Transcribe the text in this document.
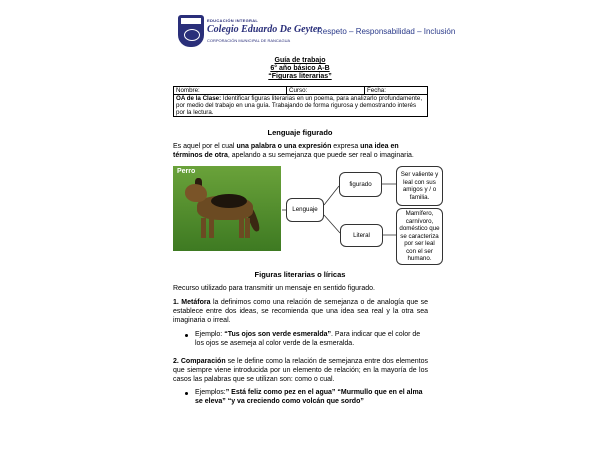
EDUCACIÓN INTEGRAL
Colegio Eduardo De Geyter
CORPORACIÓN MUNICIPAL DE RANCAGUA
Respeto – Responsabilidad – Inclusión
Guía de trabajo
6° año básico A-B
“Figuras literarias”
Nombre:	Curso:	Fecha:
OA de la Clase: Identificar figuras literarias en un poema, para analizarlo profundamente, por medio del trabajo en una guía. Trabajando de forma rigurosa y demostrando interés por la lectura.
Lenguaje figurado
Es aquel por el cual una palabra o una expresión expresa una idea en términos de otra, apelando a su semejanza que puede ser real o imaginaria.
Perro
Lenguaje
figurado
Literal
Ser valiente y leal con sus amigos y / o familia.
Mamífero, carnívoro, doméstico que se caracteriza por ser leal con el ser humano.
Figuras literarias o líricas
Recurso utilizado para transmitir un mensaje en sentido figurado.
1. Metáfora la definimos como una relación de semejanza o de analogía que se establece entre dos ideas, se recomienda que una idea sea real y la otra sea imaginaria o irreal.
Ejemplo: “Tus ojos son verde esmeralda”. Para indicar que el color de los ojos se asemeja al color verde de la esmeralda.
2. Comparación se le define como la relación de semejanza entre dos elementos que siempre viene introducida por un elemento de relación; en la mayoría de los casos las palabras que se utilizan son: como o cual.
Ejemplos:” Está feliz como pez en el agua” “Murmullo que en el alma se eleva” “y va creciendo como volcán que sordo”
